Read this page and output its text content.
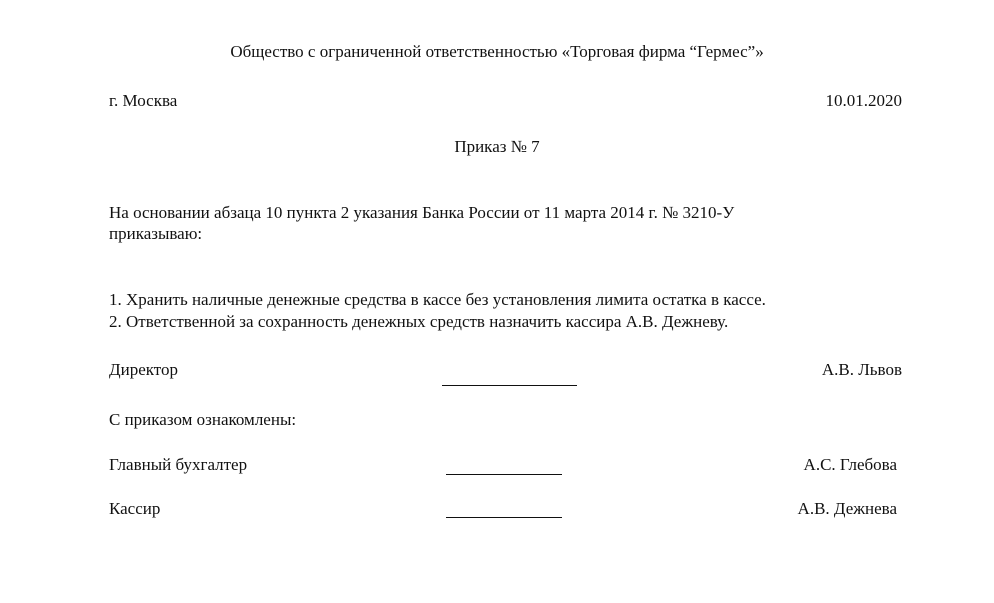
Общество с ограниченной ответственностью «Торговая фирма “Гермес”»
г. Москва	10.01.2020
Приказ № 7
На основании абзаца 10 пункта 2 указания Банка России от 11 марта 2014 г. № 3210-У
приказываю:
1. Хранить наличные денежные средства в кассе без установления лимита остатка в кассе.
2. Ответственной за сохранность денежных средств назначить кассира А.В. Дежневу.
Директор	А.В. Львов
С приказом ознакомлены:
Главный бухгалтер	А.С. Глебова
Кассир	А.В. Дежнева
